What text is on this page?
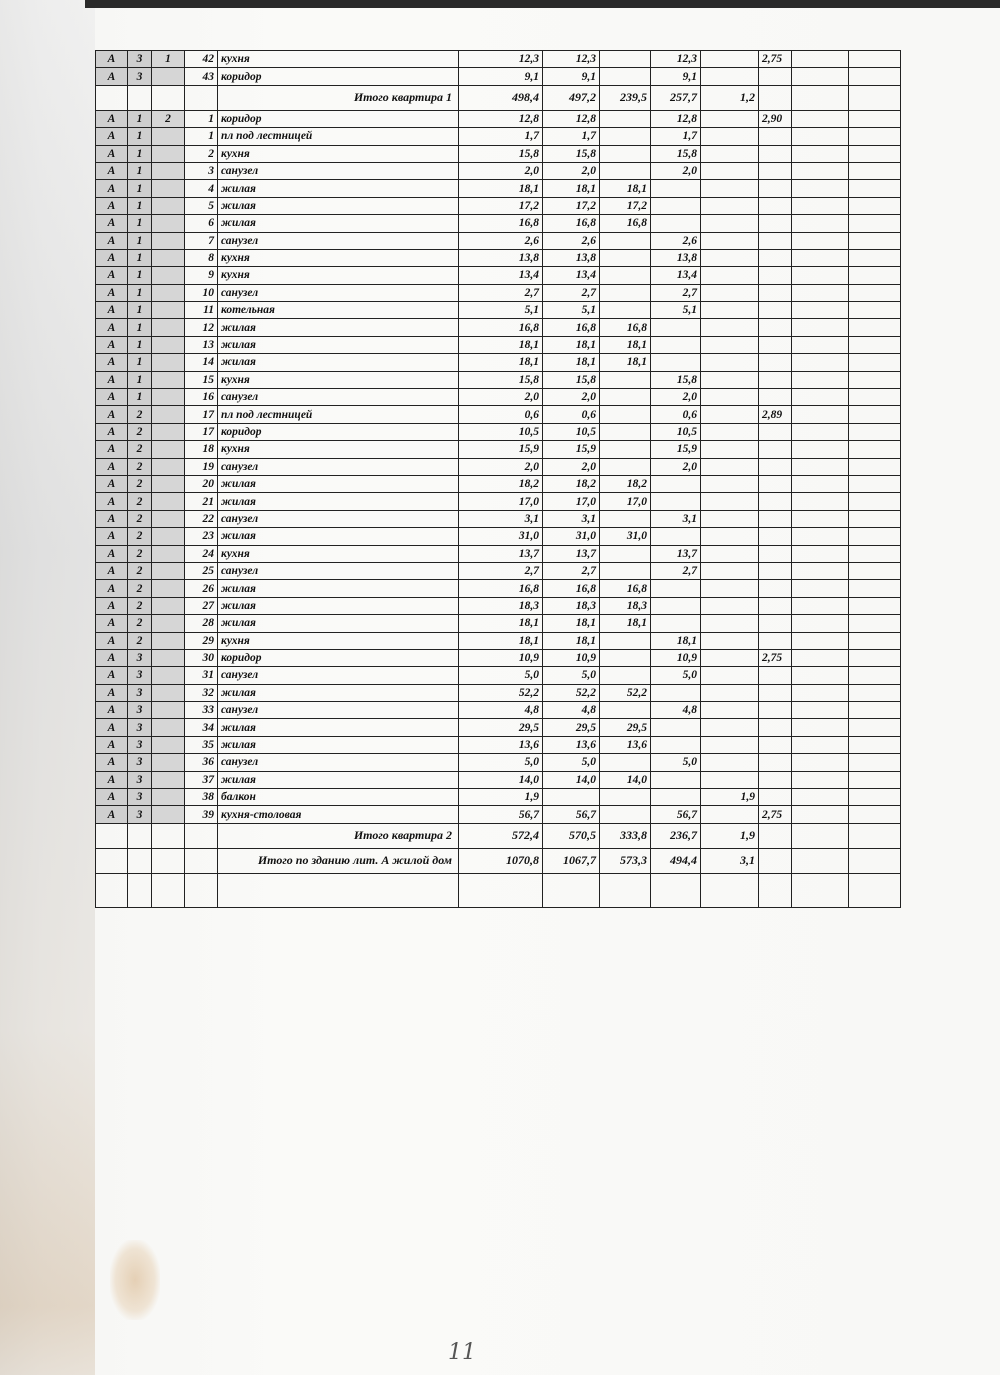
А	3	1	42	кухня	12,3	12,3		12,3		2,75		
А	3		43	коридор	9,1	9,1		9,1				
				Итого квартира 1	498,4	497,2	239,5	257,7	1,2			
А	1	2	1	коридор	12,8	12,8		12,8		2,90		
А	1		1	пл под лестницей	1,7	1,7		1,7				
А	1		2	кухня	15,8	15,8		15,8				
А	1		3	санузел	2,0	2,0		2,0				
А	1		4	жилая	18,1	18,1	18,1					
А	1		5	жилая	17,2	17,2	17,2					
А	1		6	жилая	16,8	16,8	16,8					
А	1		7	санузел	2,6	2,6		2,6				
А	1		8	кухня	13,8	13,8		13,8				
А	1		9	кухня	13,4	13,4		13,4				
А	1		10	санузел	2,7	2,7		2,7				
А	1		11	котельная	5,1	5,1		5,1				
А	1		12	жилая	16,8	16,8	16,8					
А	1		13	жилая	18,1	18,1	18,1					
А	1		14	жилая	18,1	18,1	18,1					
А	1		15	кухня	15,8	15,8		15,8				
А	1		16	санузел	2,0	2,0		2,0				
А	2		17	пл под лестницей	0,6	0,6		0,6		2,89		
А	2		17	коридор	10,5	10,5		10,5				
А	2		18	кухня	15,9	15,9		15,9				
А	2		19	санузел	2,0	2,0		2,0				
А	2		20	жилая	18,2	18,2	18,2					
А	2		21	жилая	17,0	17,0	17,0					
А	2		22	санузел	3,1	3,1		3,1				
А	2		23	жилая	31,0	31,0	31,0					
А	2		24	кухня	13,7	13,7		13,7				
А	2		25	санузел	2,7	2,7		2,7				
А	2		26	жилая	16,8	16,8	16,8					
А	2		27	жилая	18,3	18,3	18,3					
А	2		28	жилая	18,1	18,1	18,1					
А	2		29	кухня	18,1	18,1		18,1				
А	3		30	коридор	10,9	10,9		10,9		2,75		
А	3		31	санузел	5,0	5,0		5,0				
А	3		32	жилая	52,2	52,2	52,2					
А	3		33	санузел	4,8	4,8		4,8				
А	3		34	жилая	29,5	29,5	29,5					
А	3		35	жилая	13,6	13,6	13,6					
А	3		36	санузел	5,0	5,0		5,0				
А	3		37	жилая	14,0	14,0	14,0					
А	3		38	балкон	1,9				1,9			
А	3		39	кухня-столовая	56,7	56,7		56,7		2,75		
				Итого квартира 2	572,4	570,5	333,8	236,7	1,9			
				Итого по зданию лит. А жилой дом	1070,8	1067,7	573,3	494,4	3,1			

11
